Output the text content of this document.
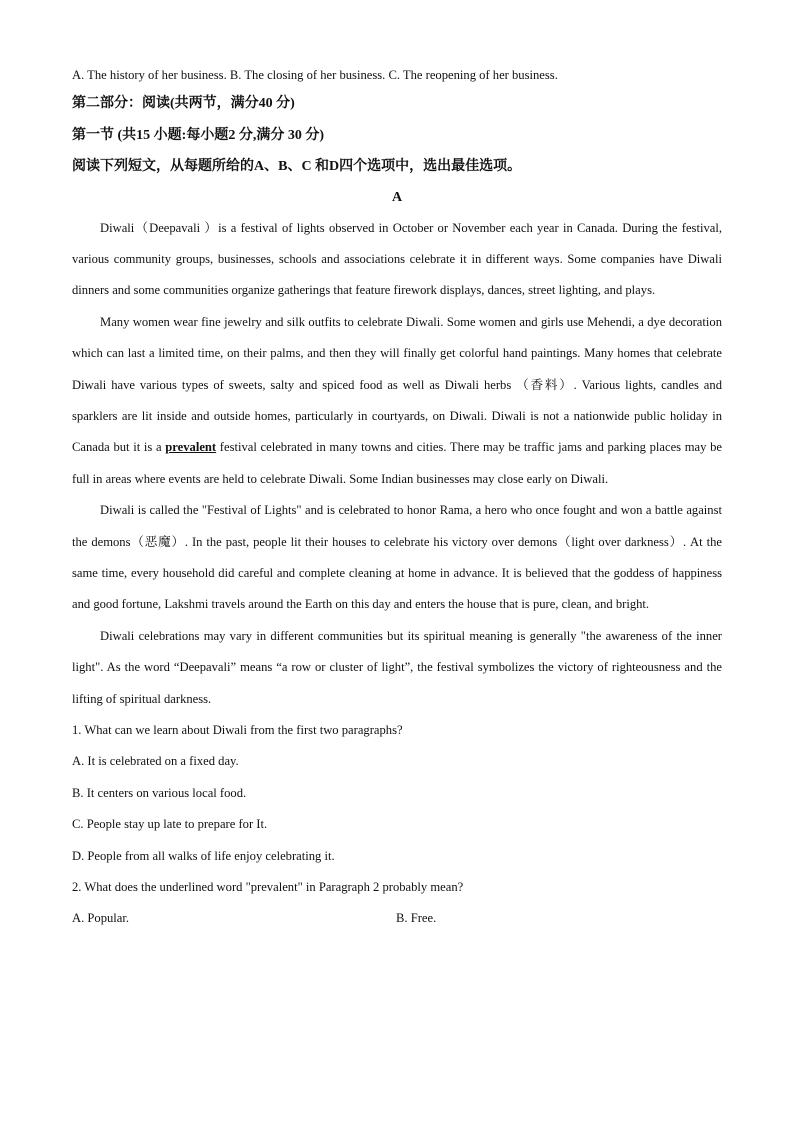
A. The history of her business. B. The closing of her business. C. The reopening of her business.
第二部分：阅读(共两节，满分40 分)
第一节 (共15 小题:每小题2 分,满分 30 分)
阅读下列短文，从每题所给的A、B、C 和D四个选项中，选出最佳选项。
A

Diwali（Deepavali ）is a festival of lights observed in October or November each year in Canada. During the festival, various community groups, businesses, schools and associations celebrate it in different ways. Some companies have Diwali dinners and some communities organize gatherings that feature firework displays, dances, street lighting, and plays.

Many women wear fine jewelry and silk outfits to celebrate Diwali. Some women and girls use Mehendi, a dye decoration which can last a limited time, on their palms, and then they will finally get colorful hand paintings. Many homes that celebrate Diwali have various types of sweets, salty and spiced food as well as Diwali herbs （香料）. Various lights, candles and sparklers are lit inside and outside homes, particularly in courtyards, on Diwali. Diwali is not a nationwide public holiday in Canada but it is a prevalent festival celebrated in many towns and cities. There may be traffic jams and parking places may be full in areas where events are held to celebrate Diwali. Some Indian businesses may close early on Diwali.

Diwali is called the "Festival of Lights" and is celebrated to honor Rama, a hero who once fought and won a battle against the demons（恶魔）. In the past, people lit their houses to celebrate his victory over demons（light over darkness）. At the same time, every household did careful and complete cleaning at home in advance. It is believed that the goddess of happiness and good fortune, Lakshmi travels around the Earth on this day and enters the house that is pure, clean, and bright.

Diwali celebrations may vary in different communities but its spiritual meaning is generally "the awareness of the inner light". As the word “Deepavali” means “a row or cluster of light”, the festival symbolizes the victory of righteousness and the lifting of spiritual darkness.

1. What can we learn about Diwali from the first two paragraphs?
A. It is celebrated on a fixed day.
B. It centers on various local food.
C. People stay up late to prepare for It.
D. People from all walks of life enjoy celebrating it.
2. What does the underlined word "prevalent" in Paragraph 2 probably mean?
A. Popular.	B. Free.
